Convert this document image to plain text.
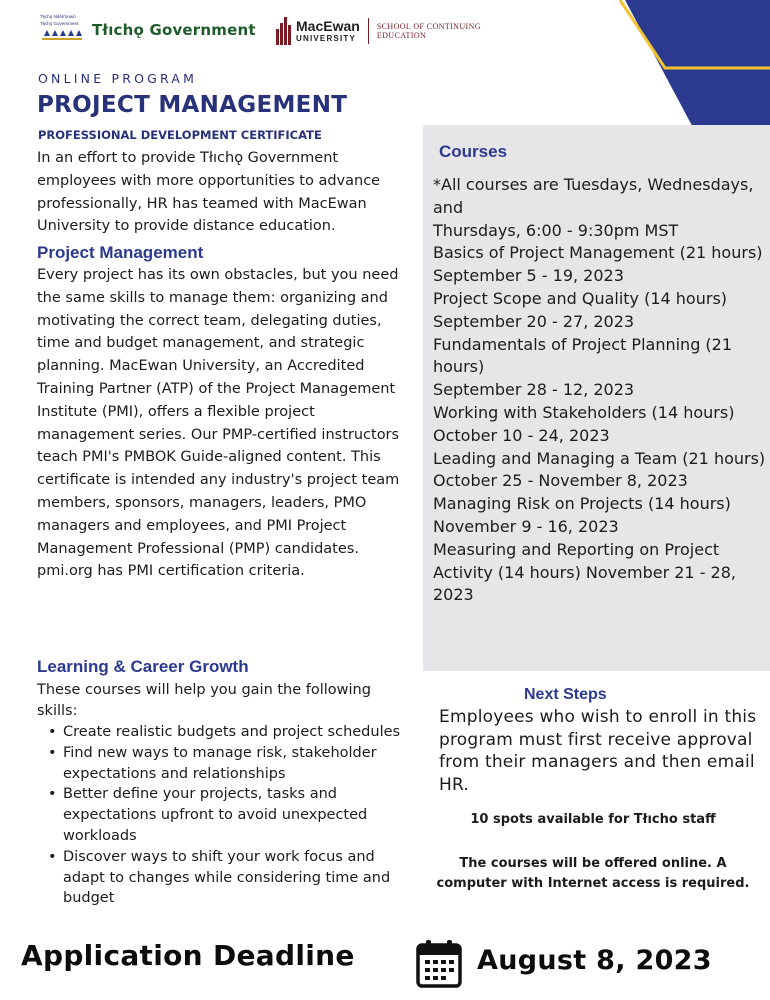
Tłı̨chǫ Ndèk'òowò
Tłı̨chǫ Government Tłıchǫ Government	MacEwan
UNIVERSITY
SCHOOL OF CONTINUING
EDUCATION
ONLINE PROGRAM
PROJECT MANAGEMENT
PROFESSIONAL DEVELOPMENT CERTIFICATE
In an effort to provide Tłıchǫ Government employees with more opportunities to advance professionally, HR has teamed with MacEwan University to provide distance education.
Project Management
Every project has its own obstacles, but you need the same skills to manage them: organizing and motivating the correct team, delegating duties, time and budget management, and strategic planning. MacEwan University, an Accredited Training Partner (ATP) of the Project Management Institute (PMI), offers a flexible project management series. Our PMP-certified instructors teach PMI's PMBOK Guide-aligned content. This certificate is intended any industry's project team members, sponsors, managers, leaders, PMO managers and employees, and PMI Project Management Professional (PMP) candidates. pmi.org has PMI certification criteria.
Learning & Career Growth
These courses will help you gain the following skills:
• Create realistic budgets and project schedules
• Find new ways to manage risk, stakeholder expectations and relationships
• Better define your projects, tasks and expectations upfront to avoid unexpected workloads
• Discover ways to shift your work focus and adapt to changes while considering time and budget
Courses
*All courses are Tuesdays, Wednesdays, and
Thursdays, 6:00 - 9:30pm MST
Basics of Project Management (21 hours)
September 5 - 19, 2023
Project Scope and Quality (14 hours)
September 20 - 27, 2023
Fundamentals of Project Planning (21 hours)
September 28 - 12, 2023
Working with Stakeholders (14 hours)
October 10 - 24, 2023
Leading and Managing a Team (21 hours)
October 25 - November 8, 2023
Managing Risk on Projects (14 hours)
November 9 - 16, 2023
Measuring and Reporting on Project Activity (14 hours) November 21 - 28, 2023
Next Steps
Employees who wish to enroll in this program must first receive approval from their managers and then email HR.
10 spots available for Tłıcho staff
The courses will be offered online. A computer with Internet access is required.
Application Deadline	August 8, 2023
